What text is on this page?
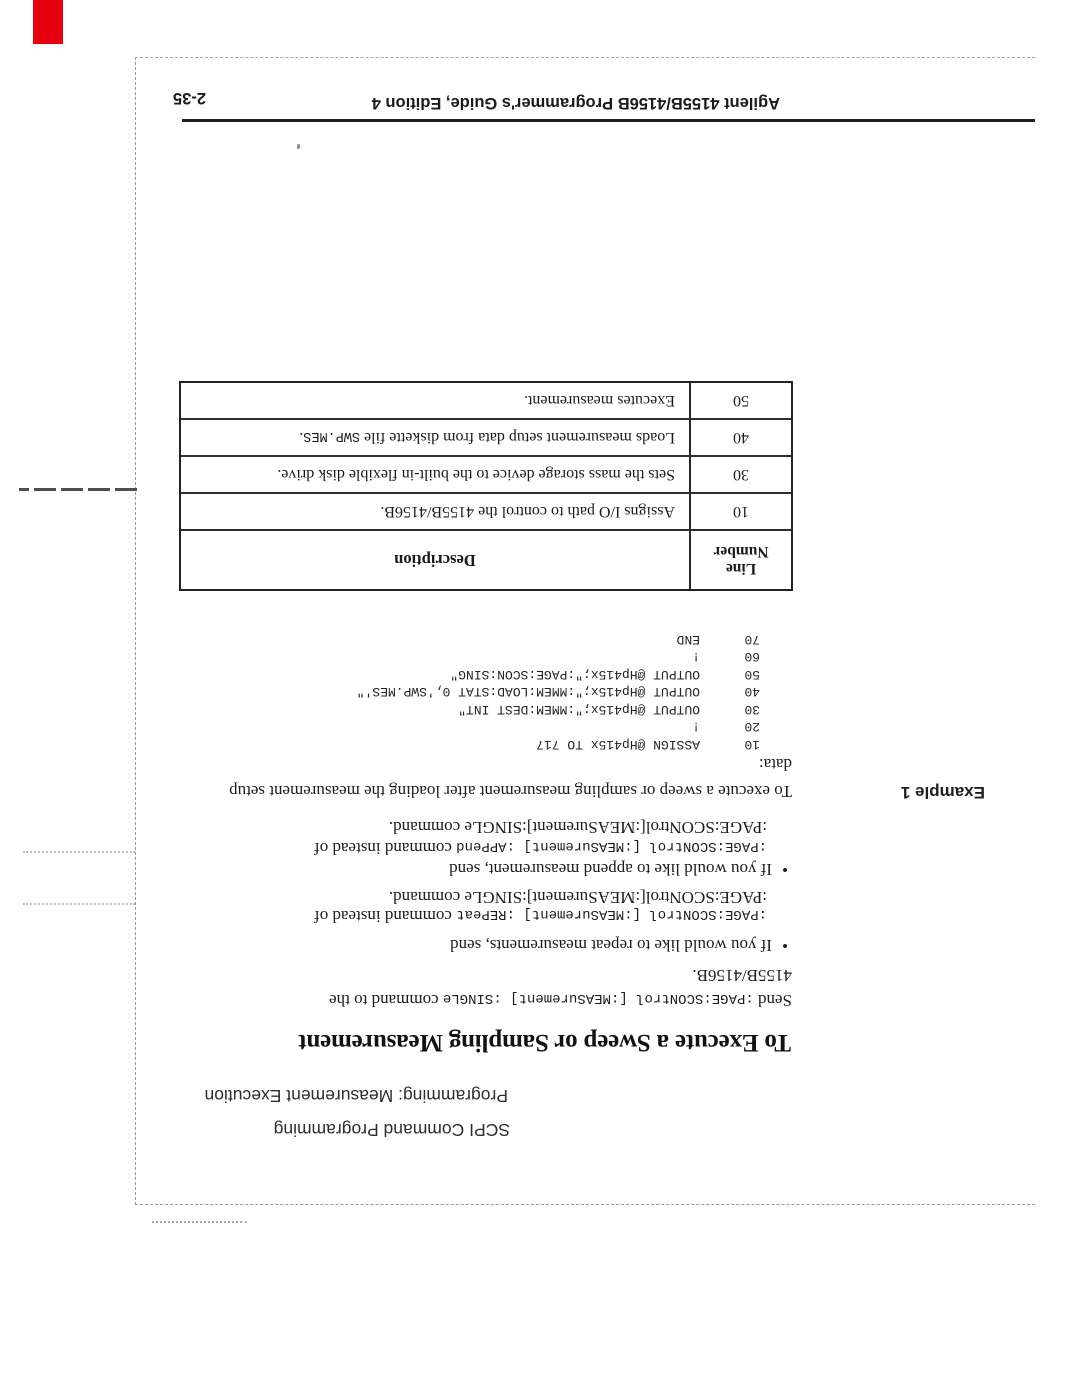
SCPI Command Programming
Programming: Measurement Execution
To Execute a Sweep or Sampling Measurement
Send :PAGE:SCONtrol [:MEASurement] :SINGLe command to the
4155B/4156B.
•If you would like to repeat measurements, send
:PAGE:SCONtrol [:MEASurement] :REPeat command instead of
:PAGE:SCONtrol[:MEASurement]:SINGLe command.
•If you would like to append measurement, send
:PAGE:SCONtrol [:MEASurement] :APPend command instead of
:PAGE:SCONtrol[:MEASurement]:SINGLe command.
Example 1
To execute a sweep or sampling measurement after loading the measurement setup
data:
10ASSIGN @Hp415x TO 717
20!
30OUTPUT @Hp415x;":MMEM:DEST INT"
40OUTPUT @Hp415x;":MMEM:LOAD:STAT 0,'SWP.MES'"
50OUTPUT @Hp415x;":PAGE:SCON:SING"
60!
70END
Line
Number
Description
10
Assigns I/O path to control the 4155B/4156B.
30
Sets the mass storage device to the built-in flexible disk drive.
40
Loads measurement setup data from diskette file SWP.MES.
50
Executes measurement.
Agilent 4155B/4156B Programmer's Guide, Edition 4
2-35
